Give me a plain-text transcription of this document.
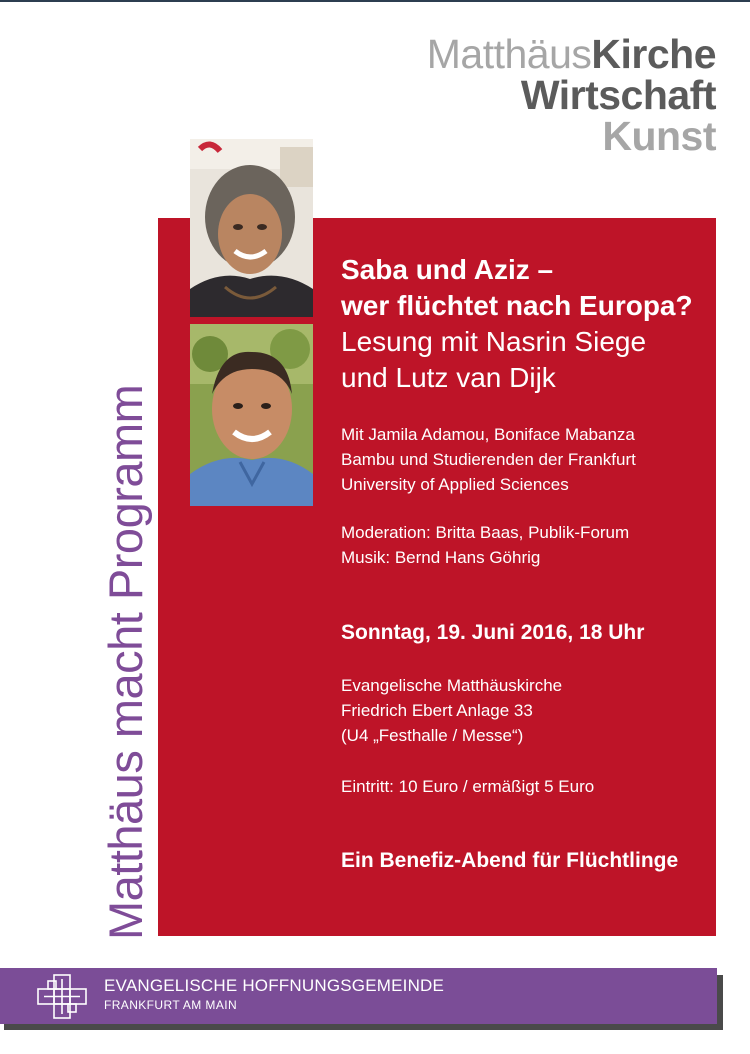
MatthäusKirche
Wirtschaft
Kunst
Matthäus macht Programm
Saba und Aziz –
wer flüchtet nach Europa?
Lesung mit Nasrin Siege
und Lutz van Dijk
Mit Jamila Adamou, Boniface Mabanza
Bambu und Studierenden der Frankfurt
University of Applied Sciences
Moderation: Britta Baas, Publik-Forum
Musik: Bernd Hans Göhrig
Sonntag, 19. Juni 2016, 18 Uhr
Evangelische Matthäuskirche
Friedrich Ebert Anlage 33
(U4 „Festhalle / Messe“)
Eintritt: 10 Euro / ermäßigt 5 Euro
Ein Benefiz-Abend für Flüchtlinge
EVANGELISCHE HOFFNUNGSGEMEINDE
FRANKFURT AM MAIN
